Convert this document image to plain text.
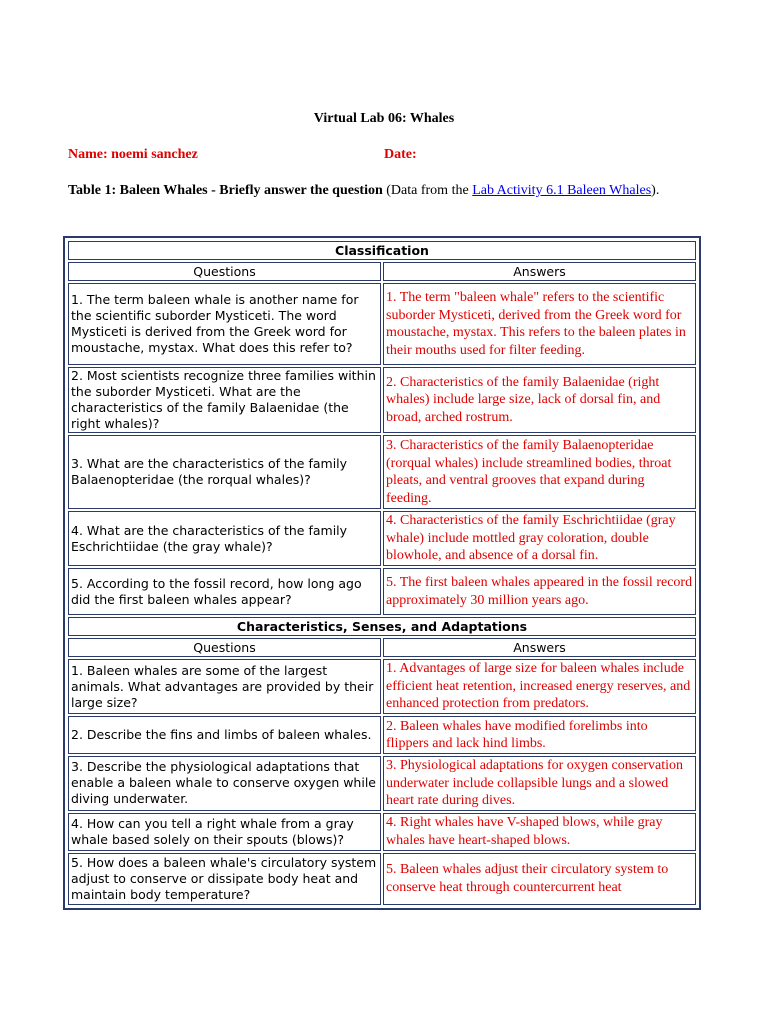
Virtual Lab 06: Whales
Name: noemi sanchez	Date:
Table 1: Baleen Whales - Briefly answer the question (Data from the Lab Activity 6.1 Baleen Whales).
Classification	
Questions	Answers
1. The term baleen whale is another name for the scientific suborder Mysticeti. The word Mysticeti is derived from the Greek word for moustache, mystax. What does this refer to?	1. The term "baleen whale" refers to the scientific suborder Mysticeti, derived from the Greek word for moustache, mystax. This refers to the baleen plates in their mouths used for filter feeding.
2. Most scientists recognize three families within the suborder Mysticeti. What are the characteristics of the family Balaenidae (the right whales)?	2. Characteristics of the family Balaenidae (right whales) include large size, lack of dorsal fin, and broad, arched rostrum.
3. What are the characteristics of the family Balaenopteridae (the rorqual whales)?	3. Characteristics of the family Balaenopteridae (rorqual whales) include streamlined bodies, throat pleats, and ventral grooves that expand during feeding.
4. What are the characteristics of the family Eschrichtiidae (the gray whale)?	4. Characteristics of the family Eschrichtiidae (gray whale) include mottled gray coloration, double blowhole, and absence of a dorsal fin.
5. According to the fossil record, how long ago did the first baleen whales appear?	5. The first baleen whales appeared in the fossil record approximately 30 million years ago.
Characteristics, Senses, and Adaptations	
Questions	Answers
1. Baleen whales are some of the largest animals. What advantages are provided by their large size?	1. Advantages of large size for baleen whales include efficient heat retention, increased energy reserves, and enhanced protection from predators.
2. Describe the fins and limbs of baleen whales.	2. Baleen whales have modified forelimbs into flippers and lack hind limbs.
3. Describe the physiological adaptations that enable a baleen whale to conserve oxygen while diving underwater.	3. Physiological adaptations for oxygen conservation underwater include collapsible lungs and a slowed heart rate during dives.
4. How can you tell a right whale from a gray whale based solely on their spouts (blows)?	4. Right whales have V-shaped blows, while gray whales have heart-shaped blows.
5. How does a baleen whale's circulatory system adjust to conserve or dissipate body heat and maintain body temperature?	5. Baleen whales adjust their circulatory system to conserve heat through countercurrent heat
